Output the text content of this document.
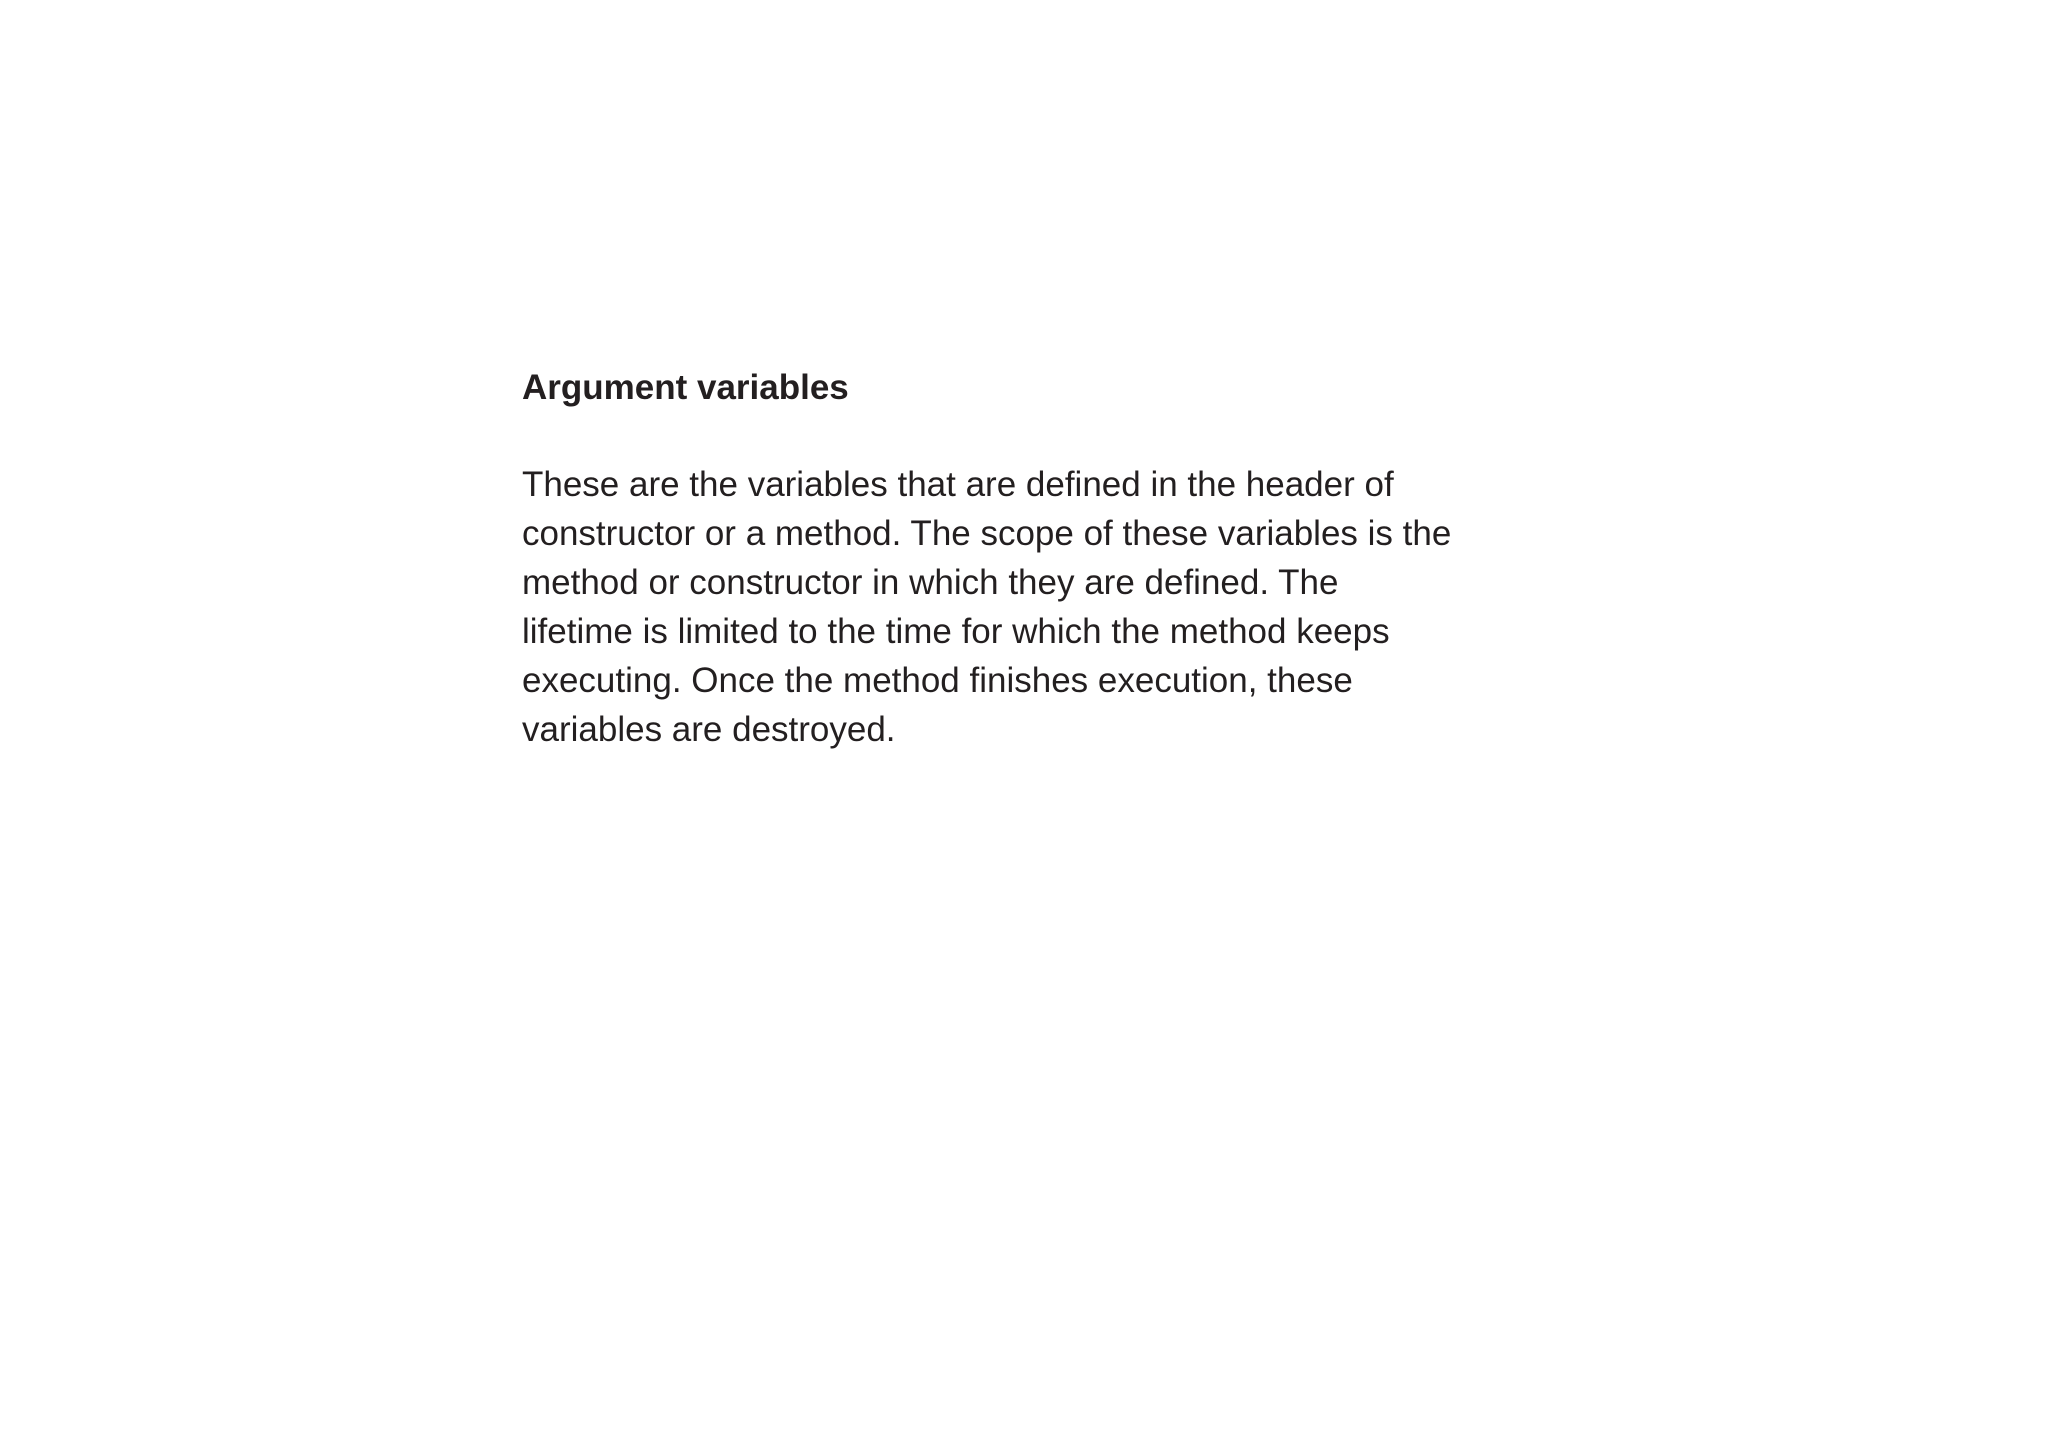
Argument variables

These are the variables that are defined in the header of
constructor or a method. The scope of these variables is the
method or constructor in which they are defined. The
lifetime is limited to the time for which the method keeps
executing. Once the method finishes execution, these
variables are destroyed.
